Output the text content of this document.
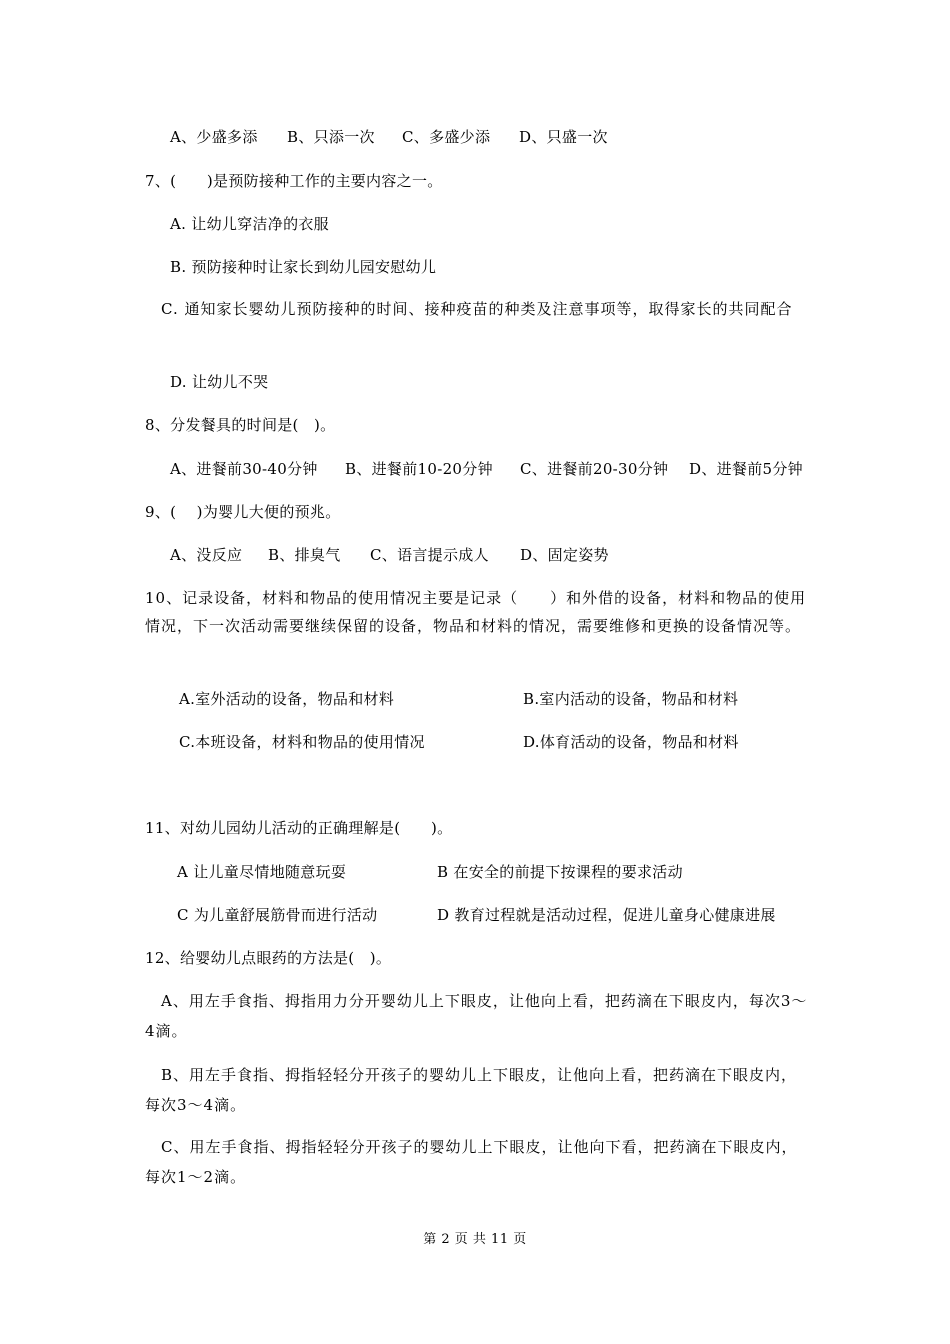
A、少盛多添 B、只添一次 C、多盛少添 D、只盛一次
7、(　　)是预防接种工作的主要内容之一。
A. 让幼儿穿洁净的衣服
B. 预防接种时让家长到幼儿园安慰幼儿
　C. 通知家长婴幼儿预防接种的时间、接种疫苗的种类及注意事项等，取得家长的共同配合
D. 让幼儿不哭
8、分发餐具的时间是(　)。
A、进餐前30-40分钟 B、进餐前10-20分钟 C、进餐前20-30分钟 D、进餐前5分钟
9、(　 )为婴儿大便的预兆。
A、没反应 B、排臭气 C、语言提示成人 D、固定姿势
10、记录设备，材料和物品的使用情况主要是记录（　　）和外借的设备，材料和物品的使用情况，下一次活动需要继续保留的设备，物品和材料的情况，需要维修和更换的设备情况等。
A.室外活动的设备，物品和材料	B.室内活动的设备，物品和材料
C.本班设备，材料和物品的使用情况	D.体育活动的设备，物品和材料
11、对幼儿园幼儿活动的正确理解是(　　)。
A 让儿童尽情地随意玩耍	B 在安全的前提下按课程的要求活动
C 为儿童舒展筋骨而进行活动	D 教育过程就是活动过程，促进儿童身心健康进展
12、给婴幼儿点眼药的方法是(　)。
　A、用左手食指、拇指用力分开婴幼儿上下眼皮，让他向上看，把药滴在下眼皮内，每次3～4滴。
　B、用左手食指、拇指轻轻分开孩子的婴幼儿上下眼皮，让他向上看，把药滴在下眼皮内，每次3～4滴。
　C、用左手食指、拇指轻轻分开孩子的婴幼儿上下眼皮，让他向下看，把药滴在下眼皮内，每次1～2滴。
第 2 页 共 11 页
